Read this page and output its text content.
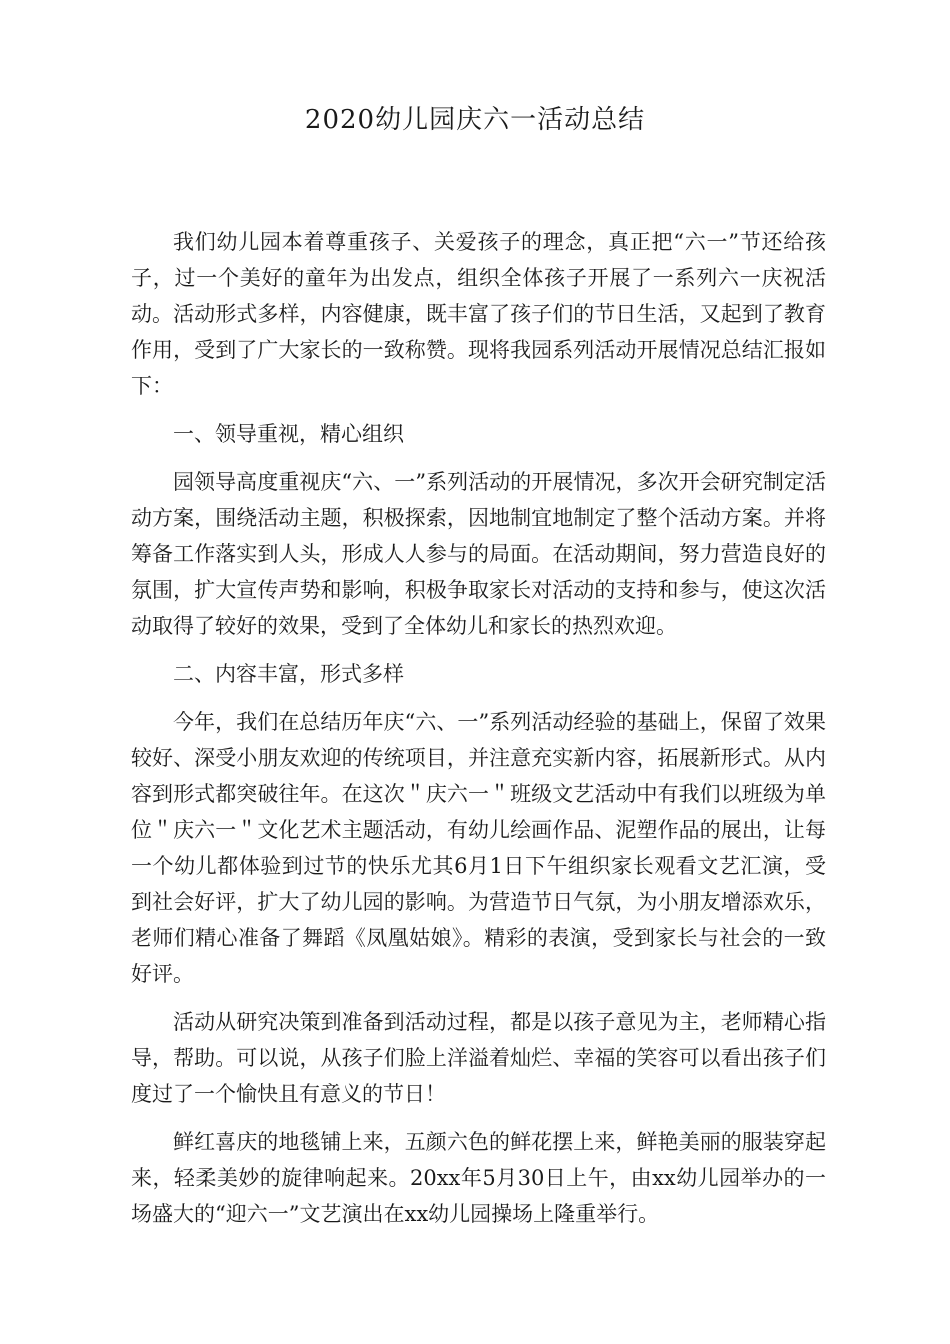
2020幼儿园庆六一活动总结

我们幼儿园本着尊重孩子、关爱孩子的理念，真正把“六一”节还给孩子，过一个美好的童年为出发点，组织全体孩子开展了一系列六一庆祝活动。活动形式多样，内容健康，既丰富了孩子们的节日生活，又起到了教育作用，受到了广大家长的一致称赞。现将我园系列活动开展情况总结汇报如下：

一、领导重视，精心组织

园领导高度重视庆“六、一”系列活动的开展情况，多次开会研究制定活动方案，围绕活动主题，积极探索，因地制宜地制定了整个活动方案。并将筹备工作落实到人头，形成人人参与的局面。在活动期间，努力营造良好的氛围，扩大宣传声势和影响，积极争取家长对活动的支持和参与，使这次活动取得了较好的效果，受到了全体幼儿和家长的热烈欢迎。

二、内容丰富，形式多样

今年，我们在总结历年庆“六、一”系列活动经验的基础上，保留了效果较好、深受小朋友欢迎的传统项目，并注意充实新内容，拓展新形式。从内容到形式都突破往年。在这次＂庆六一＂班级文艺活动中有我们以班级为单位＂庆六一＂文化艺术主题活动，有幼儿绘画作品、泥塑作品的展出，让每一个幼儿都体验到过节的快乐尤其6月1日下午组织家长观看文艺汇演，受到社会好评，扩大了幼儿园的影响。为营造节日气氛，为小朋友增添欢乐，老师们精心准备了舞蹈《凤凰姑娘》。精彩的表演，受到家长与社会的一致好评。

活动从研究决策到准备到活动过程，都是以孩子意见为主，老师精心指导，帮助。可以说，从孩子们脸上洋溢着灿烂、幸福的笑容可以看出孩子们度过了一个愉快且有意义的节日！

鲜红喜庆的地毯铺上来，五颜六色的鲜花摆上来，鲜艳美丽的服装穿起来，轻柔美妙的旋律响起来。20xx年5月30日上午，由xx幼儿园举办的一场盛大的“迎六一”文艺演出在xx幼儿园操场上隆重举行。
